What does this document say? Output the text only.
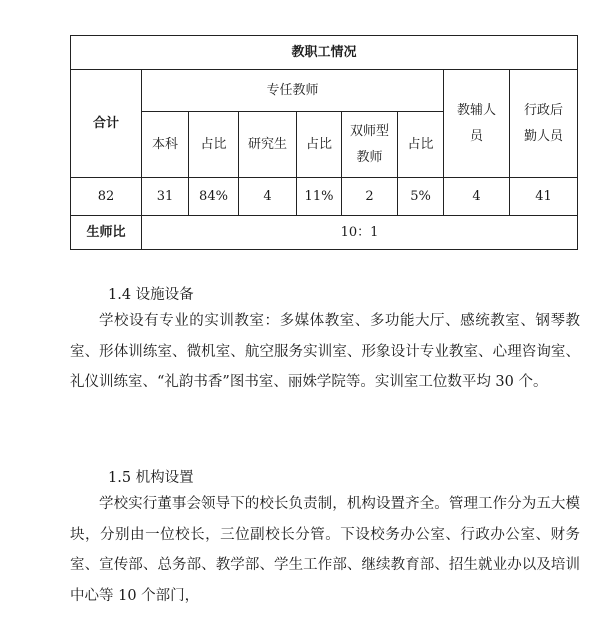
教职工情况								
合计	专任教师						教辅人员	行政后勤人员
	本科	占比	研究生	占比	双师型教师	占比		
82	31	84%	4	11%	2	5%	4	41
生师比	10：1							
1.4 设施设备

学校设有专业的实训教室：多媒体教室、多功能大厅、感统教室、钢琴教室、形体训练室、微机室、航空服务实训室、形象设计专业教室、心理咨询室、礼仪训练室、“礼韵书香”图书室、丽姝学院等。实训室工位数平均 30 个。

1.5 机构设置

学校实行董事会领导下的校长负责制，机构设置齐全。管理工作分为五大模块，分别由一位校长，三位副校长分管。下设校务办公室、行政办公室、财务室、宣传部、总务部、教学部、学生工作部、继续教育部、招生就业办以及培训中心等 10 个部门，
